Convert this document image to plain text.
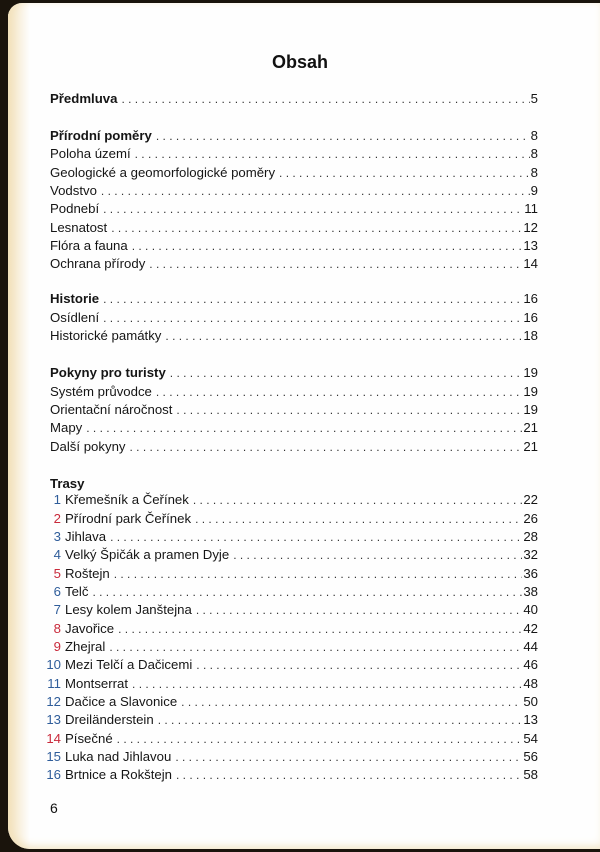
Obsah
Předmluva . . .	5
Přírodní poměry . . .	8
Poloha území . . .	8
Geologické a geomorfologické poměry . . .	8
Vodstvo . . .	9
Podnebí . . .	11
Lesnatost . . .	12
Flóra a fauna . . .	13
Ochrana přírody . . .	14
Historie . . .	16
Osídlení . . .	16
Historické památky . . .	18
Pokyny pro turisty . . .	19
Systém průvodce . . .	19
Orientační náročnost . . .	19
Mapy . . .	21
Další pokyny . . .	21
Trasy
1 Křemešník a Čeřínek . . .	22
2 Přírodní park Čeřínek . . .	26
3 Jihlava . . .	28
4 Velký Špičák a pramen Dyje . . .	32
5 Roštejn . . .	36
6 Telč . . .	38
7 Lesy kolem Janštejna . . .	40
8 Javořice . . .	42
9 Zhejral . . .	44
10 Mezi Telčí a Dačicemi . . .	46
11 Montserrat . . .	48
12 Dačice a Slavonice . . .	50
13 Dreiländerstein . . .	13
14 Písečné . . .	54
15 Luka nad Jihlavou . . .	56
16 Brtnice a Rokštejn . . .	58
6
